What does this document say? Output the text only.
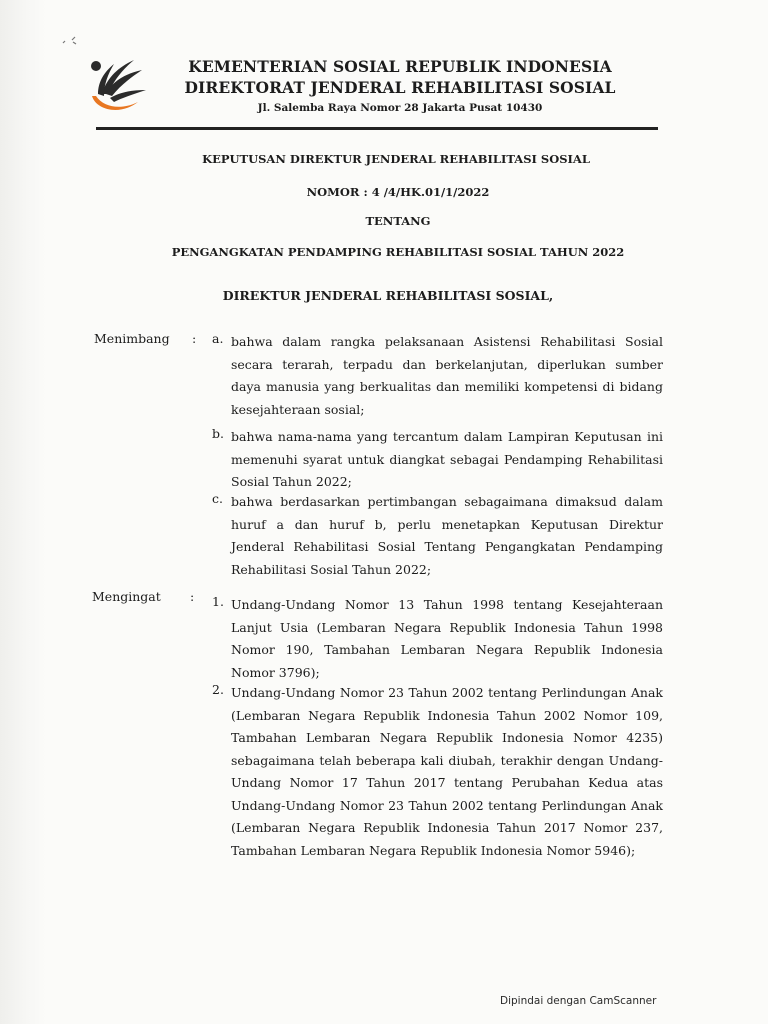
KEMENTERIAN SOSIAL REPUBLIK INDONESIA
DIREKTORAT JENDERAL REHABILITASI SOSIAL
Jl. Salemba Raya Nomor 28 Jakarta Pusat 10430
KEPUTUSAN DIREKTUR JENDERAL REHABILITASI SOSIAL
NOMOR : 4 /4/HK.01/1/2022
TENTANG
PENGANGKATAN PENDAMPING REHABILITASI SOSIAL TAHUN 2022
DIREKTUR JENDERAL REHABILITASI SOSIAL,
Menimbang : a. bahwa dalam rangka pelaksanaan Asistensi Rehabilitasi Sosial secara terarah, terpadu dan berkelanjutan, diperlukan sumber daya manusia yang berkualitas dan memiliki kompetensi di bidang kesejahteraan sosial;
b. bahwa nama-nama yang tercantum dalam Lampiran Keputusan ini memenuhi syarat untuk diangkat sebagai Pendamping Rehabilitasi Sosial Tahun 2022;
c. bahwa berdasarkan pertimbangan sebagaimana dimaksud dalam huruf a dan huruf b, perlu menetapkan Keputusan Direktur Jenderal Rehabilitasi Sosial Tentang Pengangkatan Pendamping Rehabilitasi Sosial Tahun 2022;
Mengingat : 1. Undang-Undang Nomor 13 Tahun 1998 tentang Kesejahteraan Lanjut Usia (Lembaran Negara Republik Indonesia Tahun 1998 Nomor 190, Tambahan Lembaran Negara Republik Indonesia Nomor 3796);
2. Undang-Undang Nomor 23 Tahun 2002 tentang Perlindungan Anak (Lembaran Negara Republik Indonesia Tahun 2002 Nomor 109, Tambahan Lembaran Negara Republik Indonesia Nomor 4235) sebagaimana telah beberapa kali diubah, terakhir dengan Undang-Undang Nomor 17 Tahun 2017 tentang Perubahan Kedua atas Undang-Undang Nomor 23 Tahun 2002 tentang Perlindungan Anak (Lembaran Negara Republik Indonesia Tahun 2017 Nomor 237, Tambahan Lembaran Negara Republik Indonesia Nomor 5946);
Dipindai dengan CamScanner
